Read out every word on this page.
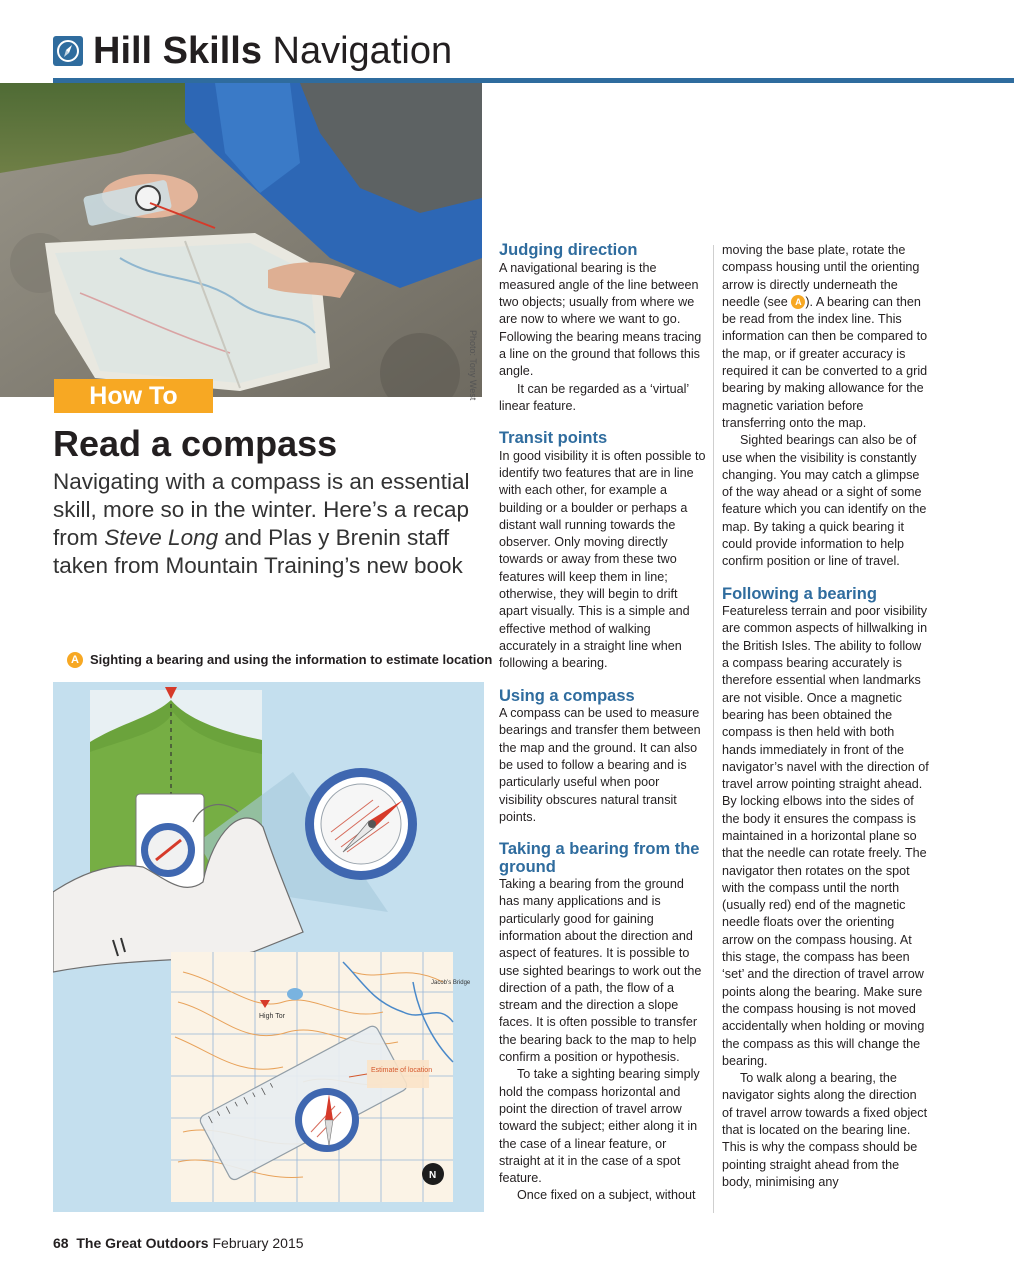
Hill Skills Navigation
Photo: Tony West
How To
Read a compass
Navigating with a compass is an essential skill, more so in the winter. Here’s a recap from Steve Long and Plas y Brenin staff taken from Mountain Training’s new book
A Sighting a bearing and using the information to estimate location
High Tor
Jacob’s Bridge
Estimate of location
N
Judging direction

A navigational bearing is the measured angle of the line between two objects; usually from where we are now to where we want to go. Following the bearing means tracing a line on the ground that follows this angle.

It can be regarded as a ‘virtual’ linear feature.

Transit points

In good visibility it is often possible to identify two features that are in line with each other, for example a building or a boulder or perhaps a distant wall running towards the observer. Only moving directly towards or away from these two features will keep them in line; otherwise, they will begin to drift apart visually. This is a simple and effective method of walking accurately in a straight line when following a bearing.

Using a compass

A compass can be used to measure bearings and transfer them between the map and the ground. It can also be used to follow a bearing and is particularly useful when poor visibility obscures natural transit points.

Taking a bearing from the ground

Taking a bearing from the ground has many applications and is particularly good for gaining information about the direction and aspect of features. It is possible to use sighted bearings to work out the direction of a path, the flow of a stream and the direction a slope faces. It is often possible to transfer the bearing back to the map to help confirm a position or hypothesis.

To take a sighting bearing simply hold the compass horizontal and point the direction of travel arrow toward the subject; either along it in the case of a linear feature, or straight at it in the case of a spot feature.

Once fixed on a subject, without

moving the base plate, rotate the compass housing until the orienting arrow is directly underneath the needle (see A ). A bearing can then be read from the index line. This information can then be compared to the map, or if greater accuracy is required it can be converted to a grid bearing by making allowance for the magnetic variation before transferring onto the map.

Sighted bearings can also be of use when the visibility is constantly changing. You may catch a glimpse of the way ahead or a sight of some feature which you can identify on the map. By taking a quick bearing it could provide information to help confirm position or line of travel.

Following a bearing

Featureless terrain and poor visibility are common aspects of hillwalking in the British Isles. The ability to follow a compass bearing accurately is therefore essential when landmarks are not visible. Once a magnetic bearing has been obtained the compass is then held with both hands immediately in front of the navigator’s navel with the direction of travel arrow pointing straight ahead. By locking elbows into the sides of the body it ensures the compass is maintained in a horizontal plane so that the needle can rotate freely. The navigator then rotates on the spot with the compass until the north (usually red) end of the magnetic needle floats over the orienting arrow on the compass housing. At this stage, the compass has been ‘set’ and the direction of travel arrow points along the bearing. Make sure the compass housing is not moved accidentally when holding or moving the compass as this will change the bearing.

To walk along a bearing, the navigator sights along the direction of travel arrow towards a fixed object that is located on the bearing line. This is why the compass should be pointing straight ahead from the body, minimising any

68 The Great Outdoors February 2015
